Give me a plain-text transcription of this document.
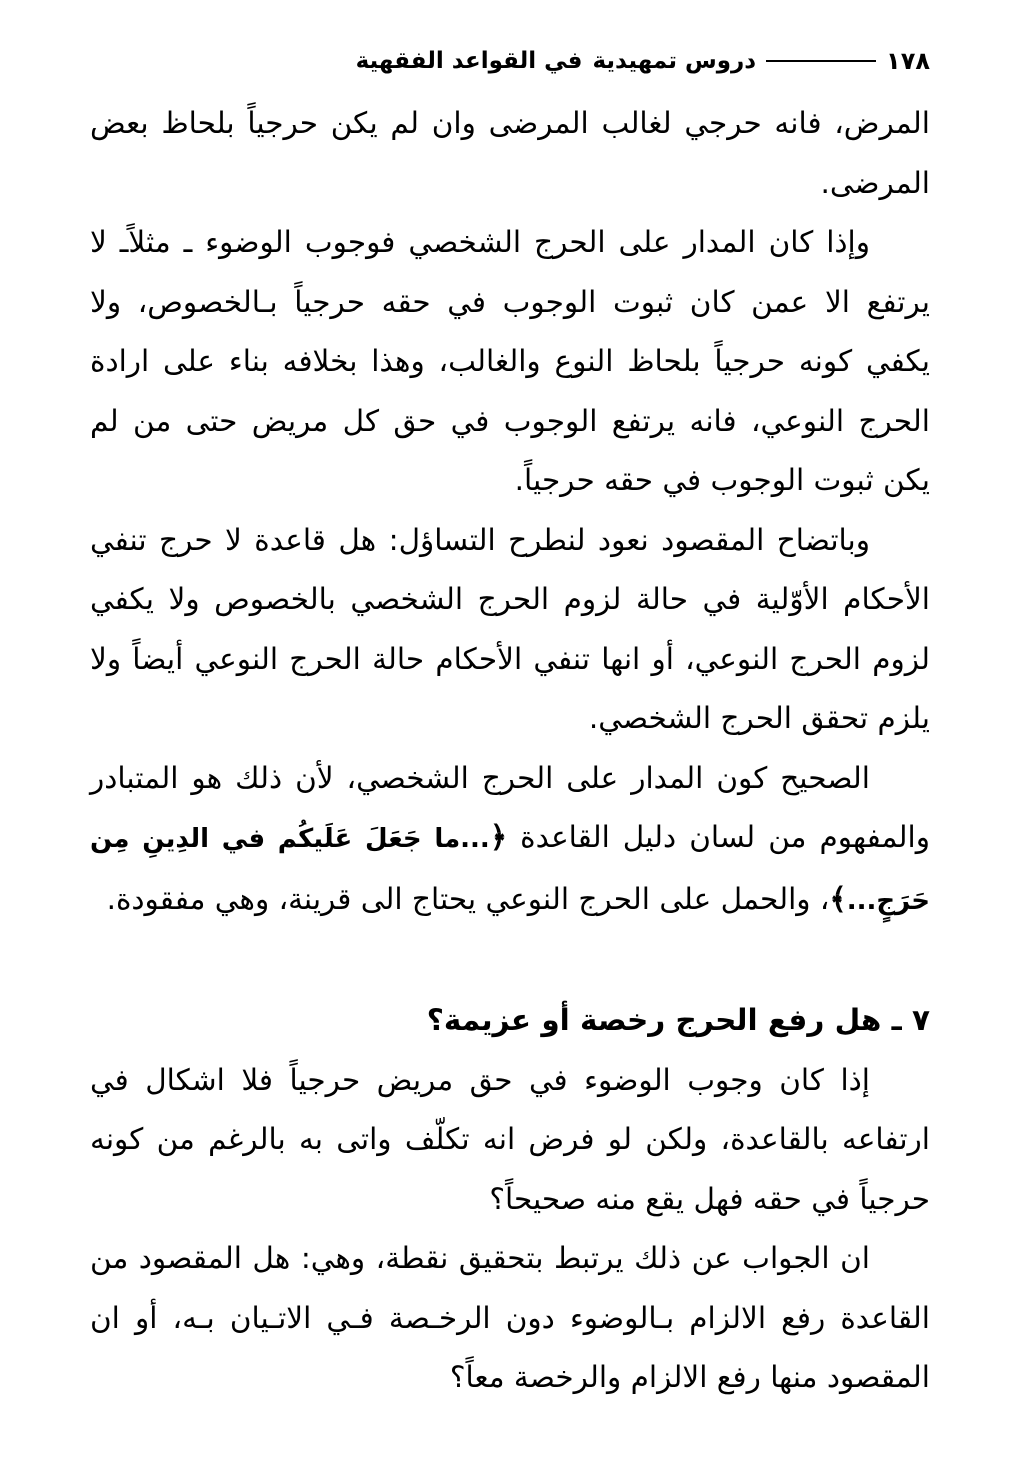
١٧٨
دروس تمهيدية
في القواعد الفقهية

المرض، فانه حرجي لغالب المرضى وان لم يكن حرجياً بلحاظ بعض المرضى.

وإذا كان المدار على الحرج الشخصي فوجوب الوضوء ـ مثلاًـ لا يرتفع الا عمن كان ثبوت الوجوب في حقه حرجياً بـالخصوص، ولا يكفي كونه حرجياً بلحاظ النوع والغالب، وهذا بخلافه بناء على ارادة الحرج النوعي، فانه يرتفع الوجوب في حق كل مريض حتى من لم يكن ثبوت الوجوب في حقه حرجياً.

وباتضاح المقصود نعود لنطرح التساؤل: هل قاعدة لا حرج تنفي الأحكام الأوّلية في حالة لزوم الحرج الشخصي بالخصوص ولا يكفي لزوم الحرج النوعي، أو انها تنفي الأحكام حالة الحرج النوعي أيضاً ولا يلزم تحقق الحرج الشخصي.

الصحيح كون المدار على الحرج الشخصي، لأن ذلك هو المتبادر والمفهوم من لسان دليل القاعدة ﴿...ما جَعَلَ عَلَيكُم في الدِينِ مِن حَرَجٍ...﴾، والحمل على الحرج النوعي يحتاج الى قرينة، وهي مفقودة.

٧ ـ هل رفع الحرج رخصة أو عزيمة؟

إذا كان وجوب الوضوء في حق مريض حرجياً فلا اشكال في ارتفاعه بالقاعدة، ولكن لو فرض انه تكلّف واتى به بالرغم من كونه حرجياً في حقه فهل يقع منه صحيحاً؟

ان الجواب عن ذلك يرتبط بتحقيق نقطة، وهي: هل المقصود من القاعدة رفع الالزام بـالوضوء دون الرخـصة فـي الاتـيان بـه، أو ان المقصود منها رفع الالزام والرخصة معاً؟
